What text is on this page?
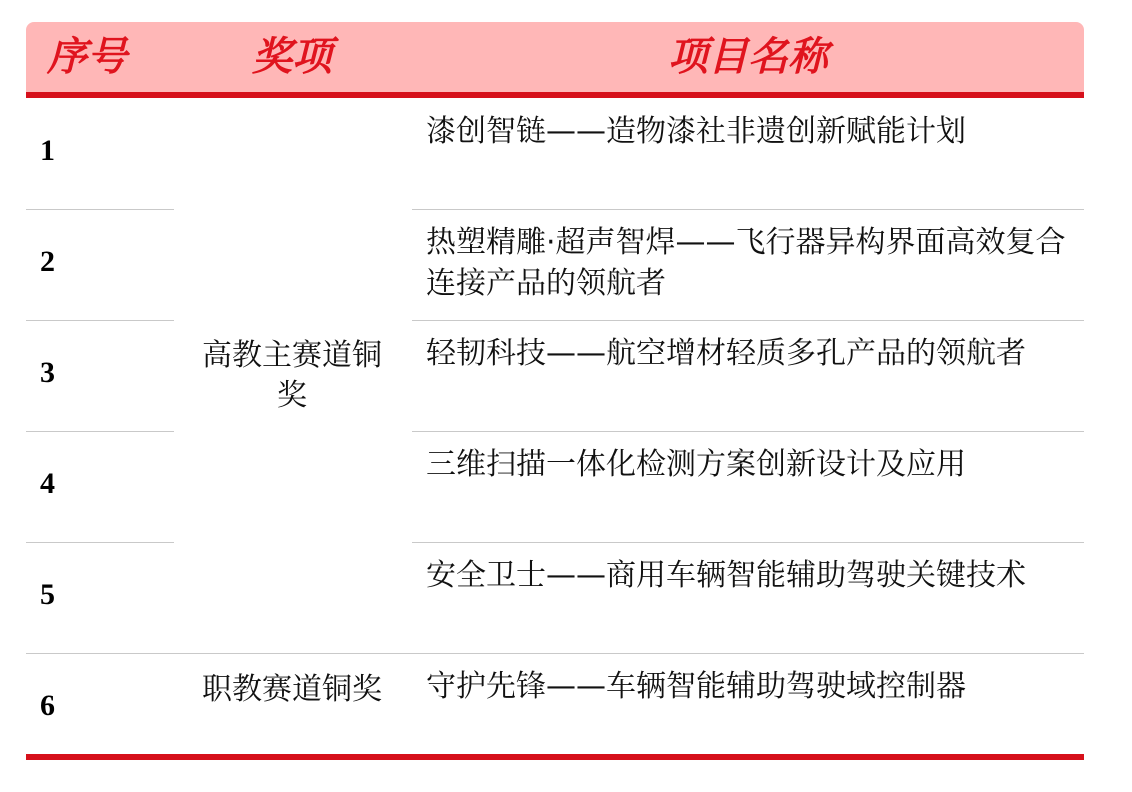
序号	奖项	项目名称
1
2
3
4
5
6
高教主赛道铜奖
职教赛道铜奖
漆创智链——造物漆社非遗创新赋能计划
热塑精雕·超声智焊——飞行器异构界面高效复合连接产品的领航者
轻韧科技——航空增材轻质多孔产品的领航者
三维扫描一体化检测方案创新设计及应用
安全卫士——商用车辆智能辅助驾驶关键技术
守护先锋——车辆智能辅助驾驶域控制器
